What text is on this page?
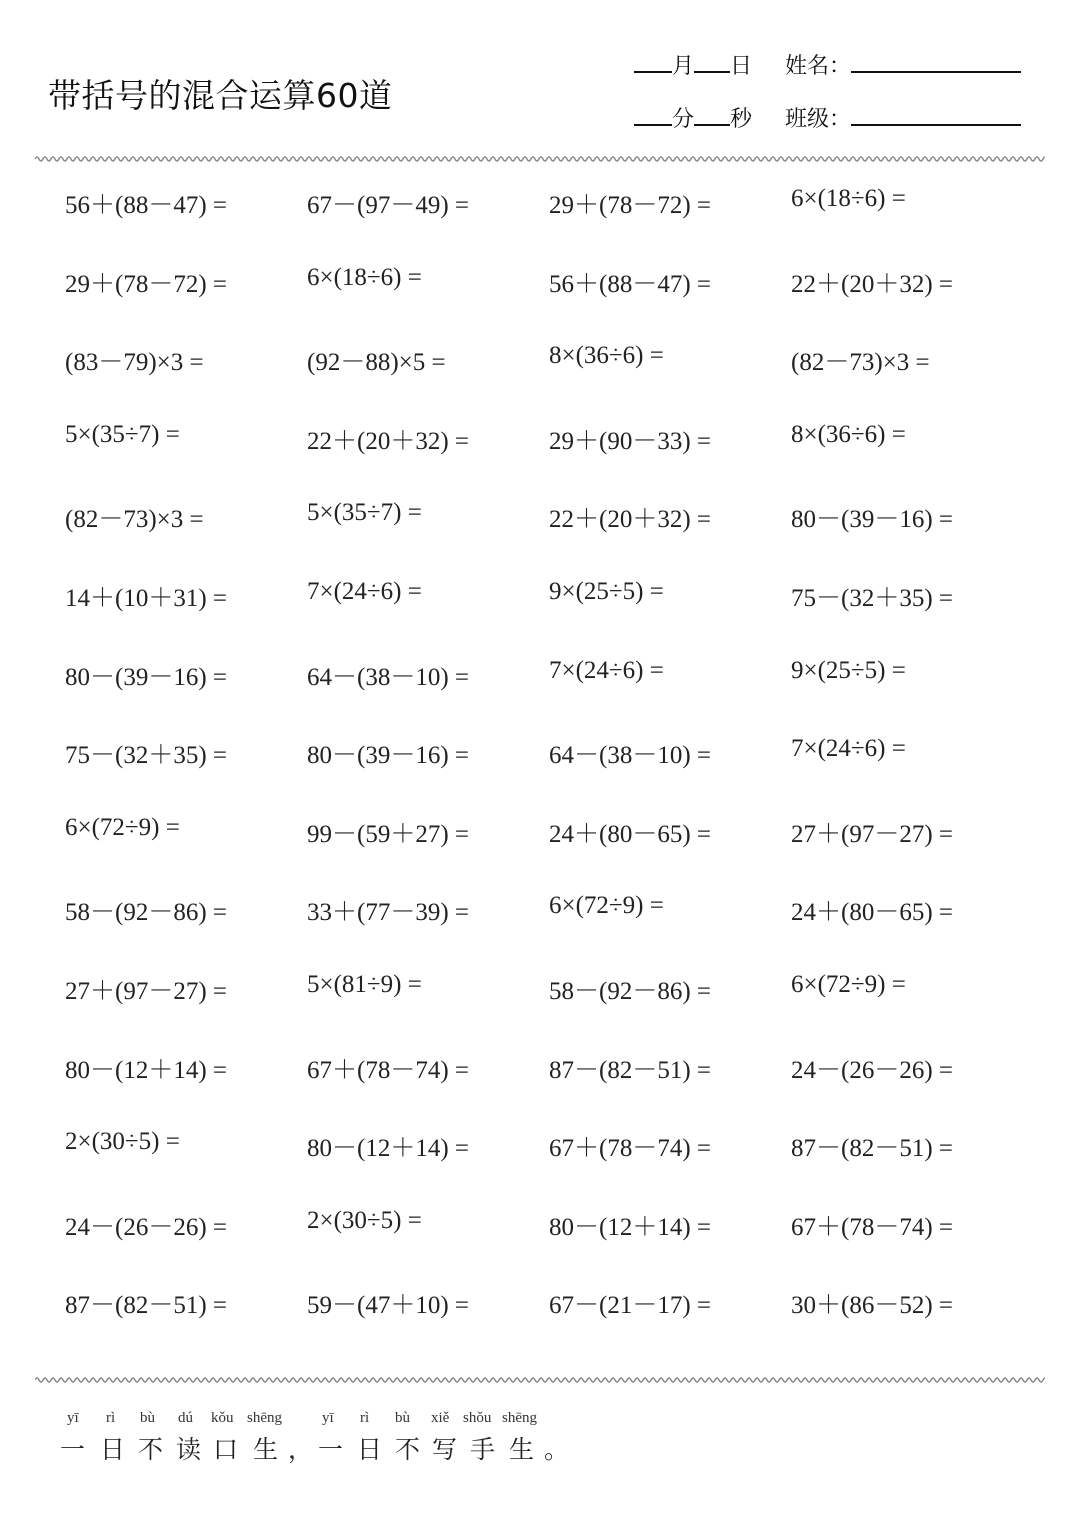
带括号的混合运算60道
月 日 姓名：
分 秒 班级：
56＋(88－47) =	67－(97－49) =	29＋(78－72) =	6×(18÷6) =
29＋(78－72) =	6×(18÷6) =	56＋(88－47) =	22＋(20＋32) =
(83－79)×3 =	(92－88)×5 =	8×(36÷6) =	(82－73)×3 =
5×(35÷7) =	22＋(20＋32) =	29＋(90－33) =	8×(36÷6) =
(82－73)×3 =	5×(35÷7) =	22＋(20＋32) =	80－(39－16) =
14＋(10＋31) =	7×(24÷6) =	9×(25÷5) =	75－(32＋35) =
80－(39－16) =	64－(38－10) =	7×(24÷6) =	9×(25÷5) =
75－(32＋35) =	80－(39－16) =	64－(38－10) =	7×(24÷6) =
6×(72÷9) =	99－(59＋27) =	24＋(80－65) =	27＋(97－27) =
58－(92－86) =	33＋(77－39) =	6×(72÷9) =	24＋(80－65) =
27＋(97－27) =	5×(81÷9) =	58－(92－86) =	6×(72÷9) =
80－(12＋14) =	67＋(78－74) =	87－(82－51) =	24－(26－26) =
2×(30÷5) =	80－(12＋14) =	67＋(78－74) =	87－(82－51) =
24－(26－26) =	2×(30÷5) =	80－(12＋14) =	67＋(78－74) =
87－(82－51) =	59－(47＋10) =	67－(21－17) =	30＋(86－52) =
yī rì bù dú kǒu shēng	yī rì bù xiě shǒu shēng
一 日 不 读 口 生 ， 一 日 不 写 手 生 。
